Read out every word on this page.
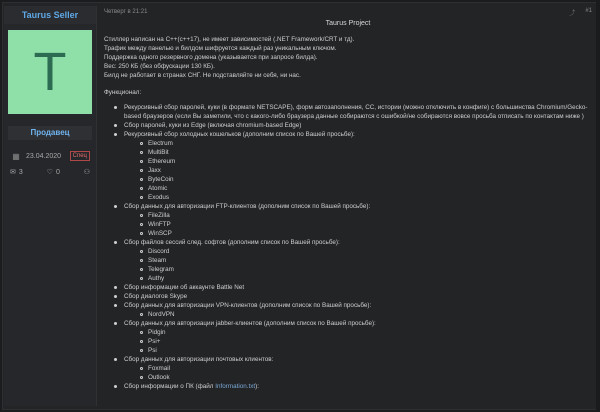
Taurus Seller
T
Продавец
▦ 23.04.2020	Спец
✉ 3	♡ 0	⚇
Четверг в 21:21	⤴ #1
Taurus Project

Стиллер написан на C++(c++17), не имеет зависимостей (.NET Framework/CRT и тд).

Трафик между панелью и билдом шифруется каждый раз уникальным ключом.

Поддержка одного резервного домена (указывается при запросе билда).

Вес: 250 КБ (без обфускации 130 КБ).

Билд не работает в странах СНГ. Не подставляйте ни себя, ни нас.

Функционал:
Рекурсивный сбор паролей, куки (в формате NETSCAPE), форм автозаполнения, CC, истории (можно отключить в конфиге) с большинства Chromium/Gecko-based браузеров (если Вы заметили, что с какого-либо браузера данные собираются с ошибкой/не собираются вовсе просьба отписать по контактам ниже )
Сбор паролей, куки из Edge (включая chromium-based Edge)
Рекурсивный сбор холодных кошельков (дополним список по Вашей просьбе):
Electrum
MultiBit
Ethereum
Jaxx
ByteCoin
Atomic
Exodus
Сбор данных для авторизации FTP-клиентов (дополним список по Вашей просьбе):
FileZilla
WinFTP
WinSCP
Сбор файлов сессий след. софтов (дополним список по Вашей просьбе):
Discord
Steam
Telegram
Authy
Сбор информации об аккаунте Battle Net
Сбор диалогов Skype
Сбор данных для авторизации VPN-клиентов (дополним список по Вашей просьбе):
NordVPN
Сбор данных для авторизации jabber-клиентов (дополним список по Вашей просьбе):
Pidgin
Psi+
Psi
Сбор данных для авторизации почтовых клиентов:
Foxmail
Outlook
Сбор информации о ПК (файл Information.txt):
